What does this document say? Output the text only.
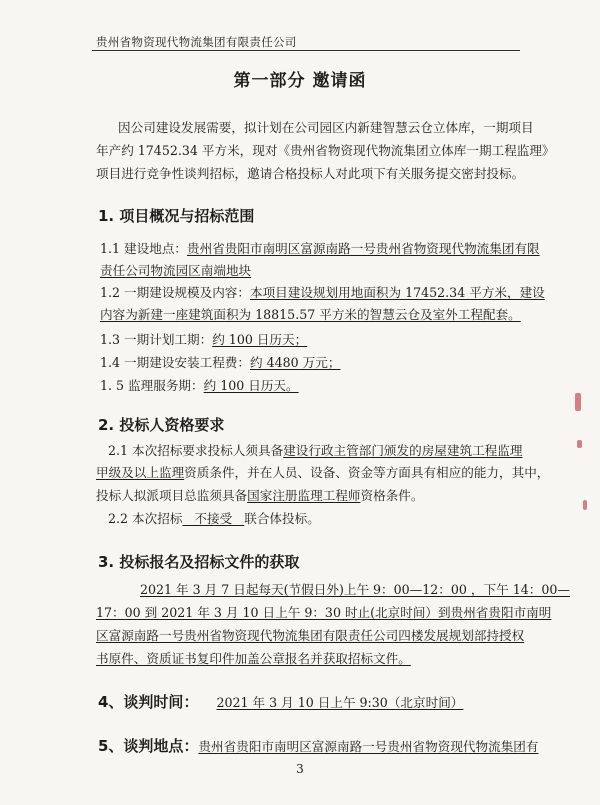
贵州省物资现代物流集团有限责任公司
第一部分 邀请函
因公司建设发展需要，拟计划在公司园区内新建智慧云仓立体库，一期项目
年产约 17452.34 平方米，现对《贵州省物资现代物流集团立体库一期工程监理》
项目进行竞争性谈判招标，邀请合格投标人对此项下有关服务提交密封投标。
1. 项目概况与招标范围
1.1 建设地点：贵州省贵阳市南明区富源南路一号贵州省物资现代物流集团有限
责任公司物流园区南端地块
1.2 一期建设规模及内容：本项目建设规划用地面积为 17452.34 平方米，建设
内容为新建一座建筑面积为 18815.57 平方米的智慧云仓及室外工程配套。
1.3 一期计划工期：约 100 日历天；
1.4 一期建设安装工程费：约 4480 万元；
1. 5 监理服务期：约 100 日历天。
2. 投标人资格要求
2.1 本次招标要求投标人须具备建设行政主管部门颁发的房屋建筑工程监理
甲级及以上监理资质条件，并在人员、设备、资金等方面具有相应的能力，其中，
投标人拟派项目总监须具备国家注册监理工程师资格条件。
2.2 本次招标   不接受   联合体投标。
3. 投标报名及招标文件的获取
2021 年 3 月 7 日起每天(节假日外)上午 9：00—12：00 ，下午 14：00—
17：00 到 2021 年 3 月 10 日上午 9：30 时止(北京时间）到贵州省贵阳市南明
区富源南路一号贵州省物资现代物流集团有限责任公司四楼发展规划部持授权
书原件、资质证书复印件加盖公章报名并获取招标文件。
4、谈判时间： 2021 年 3 月 10 日上午 9:30（北京时间）
5、谈判地点：贵州省贵阳市南明区富源南路一号贵州省物资现代物流集团有
3
